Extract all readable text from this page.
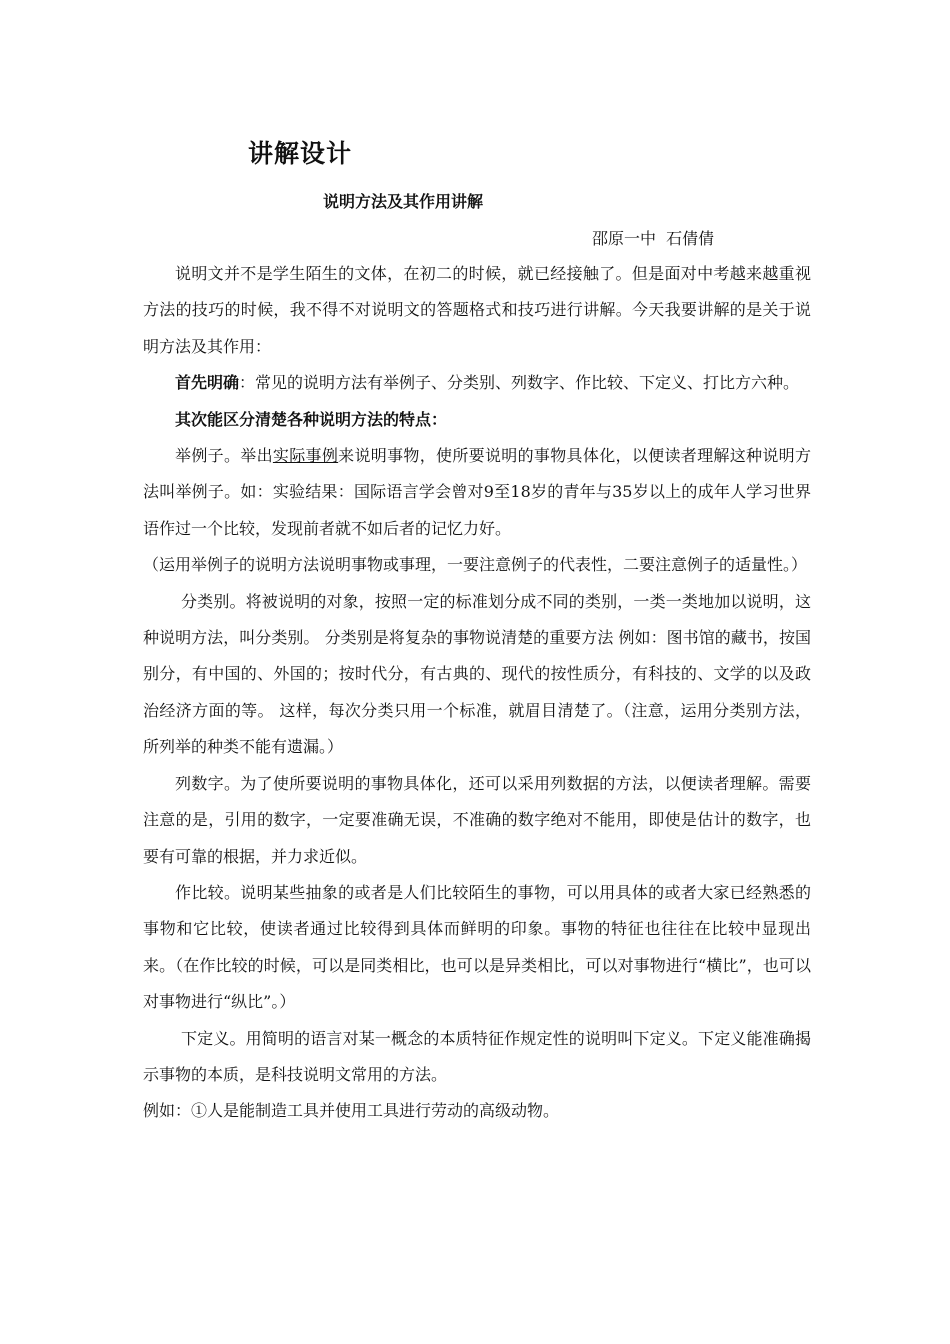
讲解设计
说明方法及其作用讲解

邵原一中  石倩倩

说明文并不是学生陌生的文体，在初二的时候，就已经接触了。但是面对中考越来越重视方法的技巧的时候，我不得不对说明文的答题格式和技巧进行讲解。今天我要讲解的是关于说明方法及其作用：

首先明确：常见的说明方法有举例子、分类别、列数字、作比较、下定义、打比方六种。

其次能区分清楚各种说明方法的特点：

举例子。举出实际事例来说明事物，使所要说明的事物具体化，以便读者理解这种说明方法叫举例子。如：实验结果：国际语言学会曾对9至18岁的青年与35岁以上的成年人学习世界语作过一个比较，发现前者就不如后者的记忆力好。

（运用举例子的说明方法说明事物或事理，一要注意例子的代表性，二要注意例子的适量性。）

分类别。将被说明的对象，按照一定的标准划分成不同的类别，一类一类地加以说明，这种说明方法，叫分类别。 分类别是将复杂的事物说清楚的重要方法 例如：图书馆的藏书，按国别分，有中国的、外国的；按时代分，有古典的、现代的按性质分，有科技的、文学的以及政治经济方面的等。 这样，每次分类只用一个标准，就眉目清楚了。（注意，运用分类别方法，所列举的种类不能有遗漏。）

列数字。为了使所要说明的事物具体化，还可以采用列数据的方法，以便读者理解。需要注意的是，引用的数字，一定要准确无误，不准确的数字绝对不能用，即使是估计的数字，也要有可靠的根据，并力求近似。

作比较。说明某些抽象的或者是人们比较陌生的事物，可以用具体的或者大家已经熟悉的事物和它比较，使读者通过比较得到具体而鲜明的印象。事物的特征也往往在比较中显现出来。（在作比较的时候，可以是同类相比，也可以是异类相比，可以对事物进行“横比”，也可以对事物进行“纵比”。）

下定义。用简明的语言对某一概念的本质特征作规定性的说明叫下定义。下定义能准确揭示事物的本质，是科技说明文常用的方法。

例如：①人是能制造工具并使用工具进行劳动的高级动物。
